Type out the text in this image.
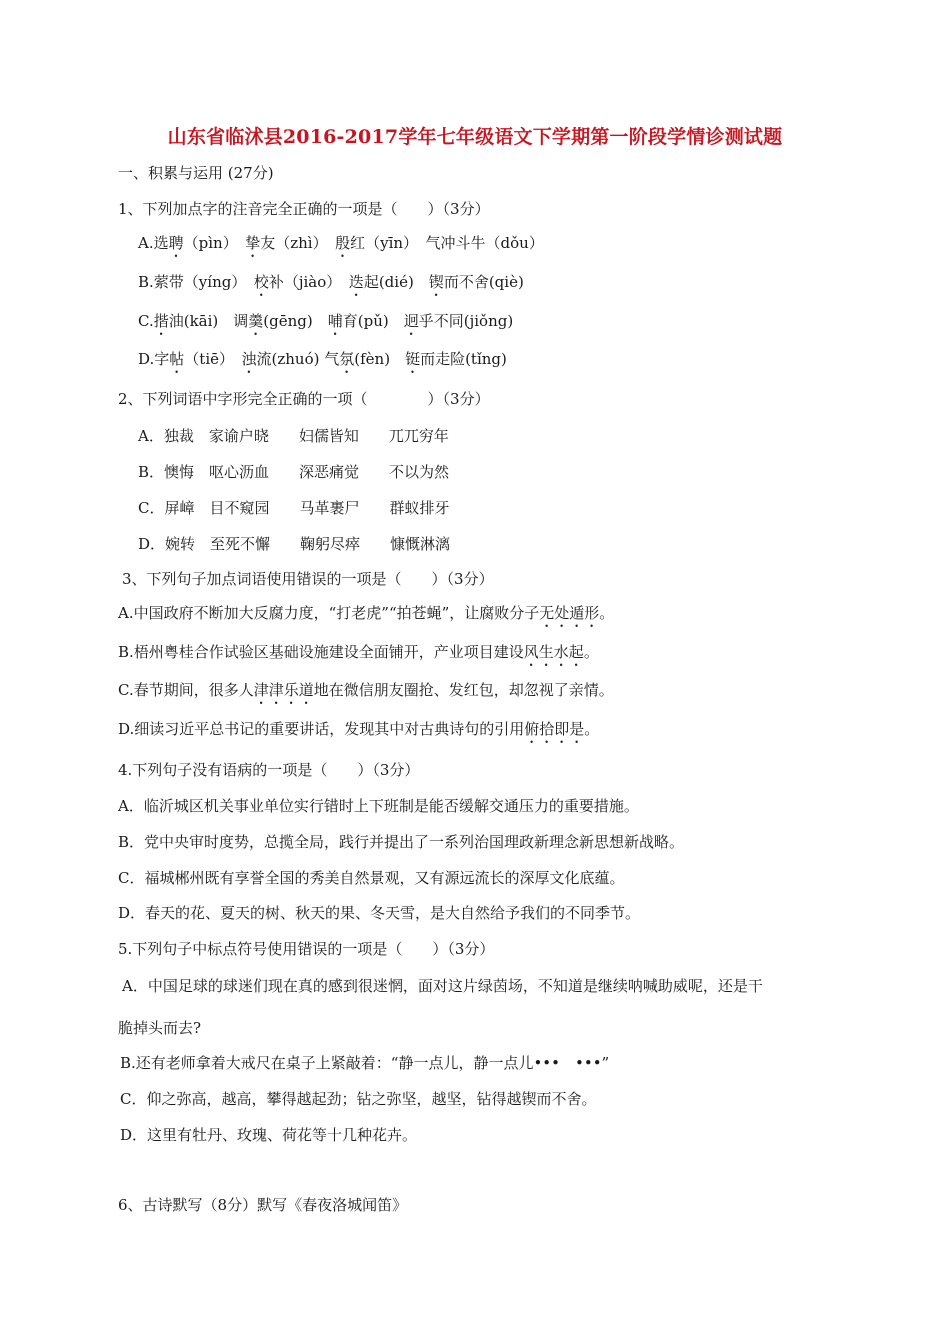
山东省临沭县2016-2017学年七年级语文下学期第一阶段学情诊测试题
一、积累与运用 (27分)
1、下列加点字的注音完全正确的一项是（　　）（3分）
A.选聘（pìn）　挚友（zhì）　殷红（yīn）　气冲斗牛（dǒu）
B.萦带（yíng）　校补（jiào）　迭起(dié)　锲而不舍(qiè)
C.揩油(kāi)　调羹(gēng)　哺育(pǔ)　迥乎不同(jiǒng)
D.字帖（tiē）　浊流(zhuó) 气氛(fèn)　铤而走险(tǐng)
2、下列词语中字形完全正确的一项（　　　　）（3分）
A．独裁　家谕户晓　　妇儒皆知　　兀兀穷年
B．懊悔　呕心沥血　　深恶痛觉　　不以为然
C．屏嶂　目不窥园　　马革裹尸　　群蚁排牙
D．婉转　至死不懈　　鞠躬尽瘁　　慷慨淋漓
3、下列句子加点词语使用错误的一项是（　　）（3分）
A.中国政府不断加大反腐力度，“打老虎”“拍苍蝇”，让腐败分子无处遁形。
B.梧州粤桂合作试验区基础设施建设全面铺开，产业项目建设风生水起。
C.春节期间，很多人津津乐道地在微信朋友圈抢、发红包，却忽视了亲情。
D.细读习近平总书记的重要讲话，发现其中对古典诗句的引用俯拾即是。
4.下列句子没有语病的一项是（　　）（3分）
A．临沂城区机关事业单位实行错时上下班制是能否缓解交通压力的重要措施。
B．党中央审时度势，总揽全局，践行并提出了一系列治国理政新理念新思想新战略。
C．福城郴州既有享誉全国的秀美自然景观，又有源远流长的深厚文化底蕴。
D．春天的花、夏天的树、秋天的果、冬天雪，是大自然给予我们的不同季节。
5.下列句子中标点符号使用错误的一项是（　　）（3分）
A．中国足球的球迷们现在真的感到很迷惘，面对这片绿茵场，不知道是继续呐喊助威呢，还是干
脆掉头而去?
B.还有老师拿着大戒尺在桌子上紧敲着：“静一点儿，静一点儿•••　•••”
C．仰之弥高，越高，攀得越起劲；钻之弥坚，越坚，钻得越锲而不舍。
D．这里有牡丹、玫瑰、荷花等十几种花卉。
6、古诗默写（8分）默写《春夜洛城闻笛》
